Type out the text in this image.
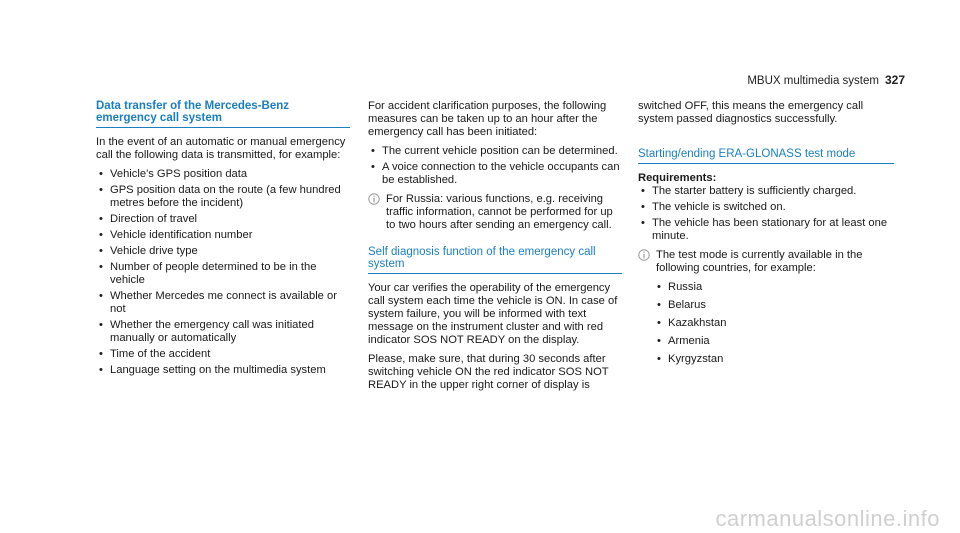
MBUX multimedia system 327
Data transfer of the Mercedes-Benz emergency call system

In the event of an automatic or manual emergency call the following data is transmitted, for example:

• Vehicle's GPS position data
• GPS position data on the route (a few hundred metres before the incident)
• Direction of travel
• Vehicle identification number
• Vehicle drive type
• Number of people determined to be in the vehicle
• Whether Mercedes me connect is available or not
• Whether the emergency call was initiated manually or automatically
• Time of the accident
• Language setting on the multimedia system

For accident clarification purposes, the following measures can be taken up to an hour after the emergency call has been initiated:

• The current vehicle position can be determined.
• A voice connection to the vehicle occupants can be established.
For Russia: various functions, e.g. receiving traffic information, cannot be performed for up to two hours after sending an emergency call.
Self diagnosis function of the emergency call system

Your car verifies the operability of the emergency call system each time the vehicle is ON. In case of system failure, you will be informed with text message on the instrument cluster and with red indicator SOS NOT READY on the display.

Please, make sure, that during 30 seconds after switching vehicle ON the red indicator SOS NOT READY in the upper right corner of display is

switched OFF, this means the emergency call system passed diagnostics successfully.

Starting/ending ERA-GLONASS test mode
Requirements:
• The starter battery is sufficiently charged.
• The vehicle is switched on.
• The vehicle has been stationary for at least one minute.
The test mode is currently available in the following countries, for example:
• Russia
• Belarus
• Kazakhstan
• Armenia
• Kyrgyzstan
carmanualsonline.info
